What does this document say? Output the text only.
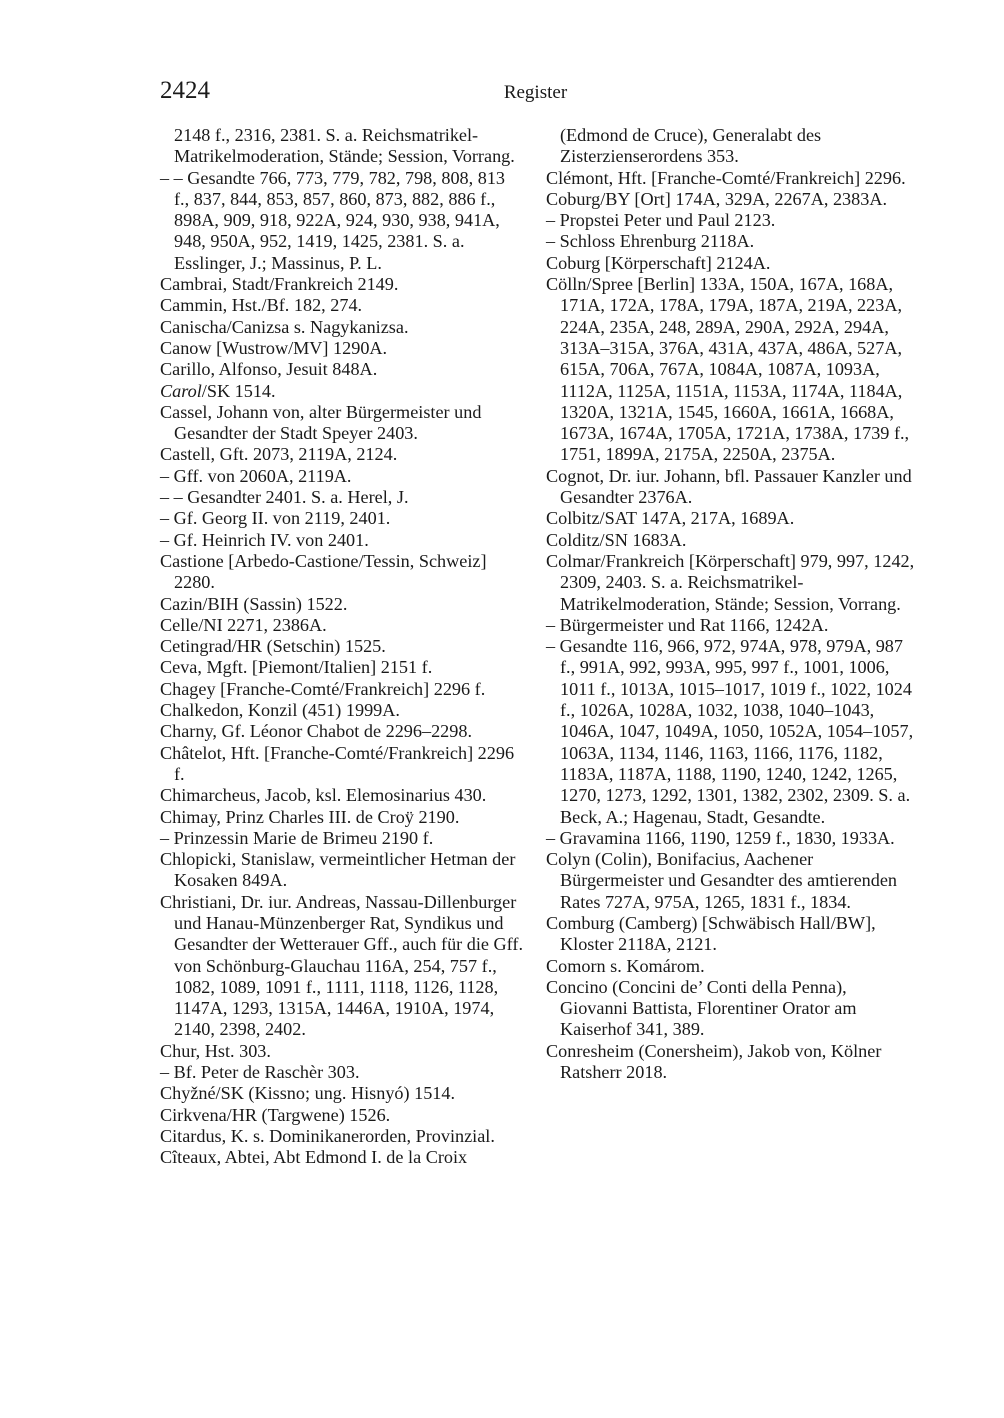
2424	Register
2148 f., 2316, 2381. S. a. Reichsmatrikel-Matrikelmoderation, Stände; Session, Vorrang.
– – Gesandte 766, 773, 779, 782, 798, 808, 813 f., 837, 844, 853, 857, 860, 873, 882, 886 f., 898A, 909, 918, 922A, 924, 930, 938, 941A, 948, 950A, 952, 1419, 1425, 2381. S. a. Esslinger, J.; Massinus, P. L.
Cambrai, Stadt/Frankreich 2149.
Cammin, Hst./Bf. 182, 274.
Canischa/Canizsa s. Nagykanizsa.
Canow [Wustrow/MV] 1290A.
Carillo, Alfonso, Jesuit 848A.
Carol/SK 1514.
Cassel, Johann von, alter Bürgermeister und Gesandter der Stadt Speyer 2403.
Castell, Gft. 2073, 2119A, 2124.
– Gff. von 2060A, 2119A.
– – Gesandter 2401. S. a. Herel, J.
– Gf. Georg II. von 2119, 2401.
– Gf. Heinrich IV. von 2401.
Castione [Arbedo-Castione/Tessin, Schweiz] 2280.
Cazin/BIH (Sassin) 1522.
Celle/NI 2271, 2386A.
Cetingrad/HR (Setschin) 1525.
Ceva, Mgft. [Piemont/Italien] 2151 f.
Chagey [Franche-Comté/Frankreich] 2296 f.
Chalkedon, Konzil (451) 1999A.
Charny, Gf. Léonor Chabot de 2296–2298.
Châtelot, Hft. [Franche-Comté/Frankreich] 2296 f.
Chimarcheus, Jacob, ksl. Elemosinarius 430.
Chimay, Prinz Charles III. de Croÿ 2190.
– Prinzessin Marie de Brimeu 2190 f.
Chlopicki, Stanislaw, vermeintlicher Hetman der Kosaken 849A.
Christiani, Dr. iur. Andreas, Nassau-Dillenburger und Hanau-Münzenberger Rat, Syndikus und Gesandter der Wetterauer Gff., auch für die Gff. von Schönburg-Glauchau 116A, 254, 757 f., 1082, 1089, 1091 f., 1111, 1118, 1126, 1128, 1147A, 1293, 1315A, 1446A, 1910A, 1974, 2140, 2398, 2402.
Chur, Hst. 303.
– Bf. Peter de Raschèr 303.
Chyžné/SK (Kissno; ung. Hisnyó) 1514.
Cirkvena/HR (Targwene) 1526.
Citardus, K. s. Dominikanerorden, Provinzial.
Cîteaux, Abtei, Abt Edmond I. de la Croix
(Edmond de Cruce), Generalabt des Zisterzienserordens 353.
Clémont, Hft. [Franche-Comté/Frankreich] 2296.
Coburg/BY [Ort] 174A, 329A, 2267A, 2383A.
– Propstei Peter und Paul 2123.
– Schloss Ehrenburg 2118A.
Coburg [Körperschaft] 2124A.
Cölln/Spree [Berlin] 133A, 150A, 167A, 168A, 171A, 172A, 178A, 179A, 187A, 219A, 223A, 224A, 235A, 248, 289A, 290A, 292A, 294A, 313A–315A, 376A, 431A, 437A, 486A, 527A, 615A, 706A, 767A, 1084A, 1087A, 1093A, 1112A, 1125A, 1151A, 1153A, 1174A, 1184A, 1320A, 1321A, 1545, 1660A, 1661A, 1668A, 1673A, 1674A, 1705A, 1721A, 1738A, 1739 f., 1751, 1899A, 2175A, 2250A, 2375A.
Cognot, Dr. iur. Johann, bfl. Passauer Kanzler und Gesandter 2376A.
Colbitz/SAT 147A, 217A, 1689A.
Colditz/SN 1683A.
Colmar/Frankreich [Körperschaft] 979, 997, 1242, 2309, 2403. S. a. Reichsmatrikel-Matrikelmoderation, Stände; Session, Vorrang.
– Bürgermeister und Rat 1166, 1242A.
– Gesandte 116, 966, 972, 974A, 978, 979A, 987 f., 991A, 992, 993A, 995, 997 f., 1001, 1006, 1011 f., 1013A, 1015–1017, 1019 f., 1022, 1024 f., 1026A, 1028A, 1032, 1038, 1040–1043, 1046A, 1047, 1049A, 1050, 1052A, 1054–1057, 1063A, 1134, 1146, 1163, 1166, 1176, 1182, 1183A, 1187A, 1188, 1190, 1240, 1242, 1265, 1270, 1273, 1292, 1301, 1382, 2302, 2309. S. a. Beck, A.; Hagenau, Stadt, Gesandte.
– Gravamina 1166, 1190, 1259 f., 1830, 1933A.
Colyn (Colin), Bonifacius, Aachener Bürgermeister und Gesandter des amtierenden Rates 727A, 975A, 1265, 1831 f., 1834.
Comburg (Camberg) [Schwäbisch Hall/BW], Kloster 2118A, 2121.
Comorn s. Komárom.
Concino (Concini de’ Conti della Penna), Giovanni Battista, Florentiner Orator am Kaiserhof 341, 389.
Conresheim (Conersheim), Jakob von, Kölner Ratsherr 2018.
